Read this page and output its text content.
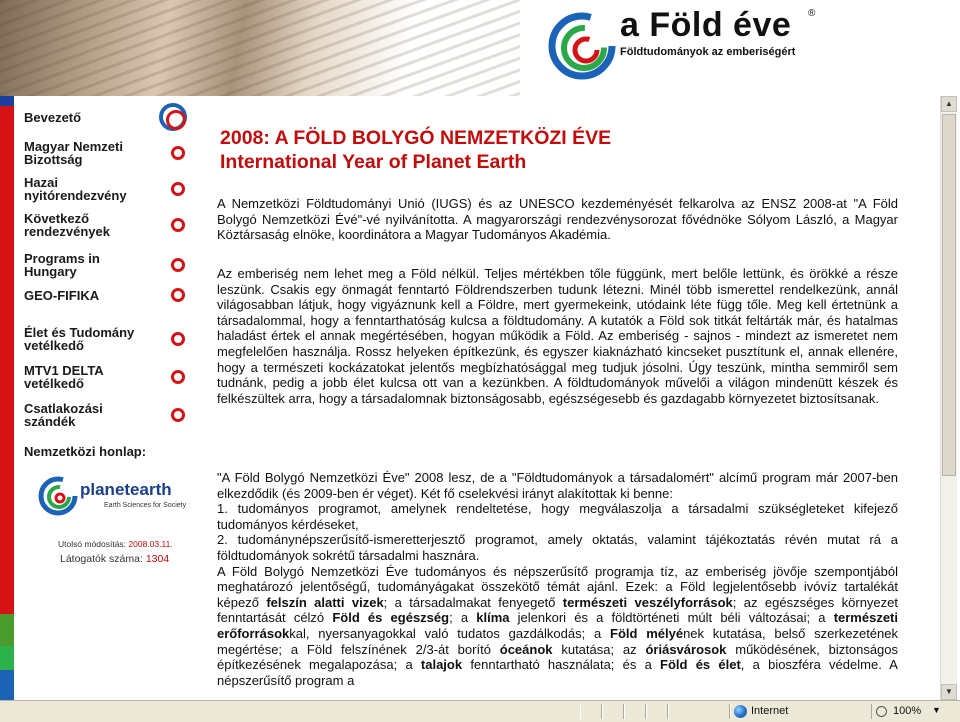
a Föld éve ®
Földtudományok az emberiségért
Bevezető
Magyar Nemzeti
Bizottság
Hazai
nyitórendezvény
Következő
rendezvények
Programs in
Hungary
GEO-FIFIKA
Élet és Tudomány
vetélkedő
MTV1 DELTA
vetélkedő
Csatlakozási
szándék
Nemzetközi honlap:
planetearth
Earth Sciences for Society
Utolsó módosítás: 2008.03.11.
Látogatók száma: 1304
2008: A FÖLD BOLYGÓ NEMZETKÖZI ÉVE
International Year of Planet Earth
A Nemzetközi Földtudományi Unió (IUGS) és az UNESCO kezdeményését felkarolva az ENSZ 2008-at "A Föld Bolygó Nemzetközi Évé"-vé nyilvánította. A magyarországi rendezvénysorozat fővédnöke Sólyom László, a Magyar Köztársaság elnöke, koordinátora a Magyar Tudományos Akadémia.
Az emberiség nem lehet meg a Föld nélkül. Teljes mértékben tőle függünk, mert belőle lettünk, és örökké a része leszünk. Csakis egy önmagát fenntartó Földrendszerben tudunk létezni. Minél több ismerettel rendelkezünk, annál világosabban látjuk, hogy vigyáznunk kell a Földre, mert gyermekeink, utódaink léte függ tőle. Meg kell értetnünk a társadalommal, hogy a fenntarthatóság kulcsa a földtudomány. A kutatók a Föld sok titkát feltárták már, és hatalmas haladást értek el annak megértésében, hogyan működik a Föld. Az emberiség - sajnos - mindezt az ismeretet nem megfelelően használja. Rossz helyeken építkezünk, és egyszer kiaknázható kincseket pusztítunk el, annak ellenére, hogy a természeti kockázatokat jelentős megbízhatósággal meg tudjuk jósolni. Úgy teszünk, mintha semmiről sem tudnánk, pedig a jobb élet kulcsa ott van a kezünkben. A földtudományok művelői a világon mindenütt készek és felkészültek arra, hogy a társadalomnak biztonságosabb, egészségesebb és gazdagabb környezetet biztosítsanak.
"A Föld Bolygó Nemzetközi Éve" 2008 lesz, de a "Földtudományok a társadalomért" alcímű program már 2007-ben elkezdődik (és 2009-ben ér véget). Két fő cselekvési irányt alakítottak ki benne:
1. tudományos programot, amelynek rendeltetése, hogy megválaszolja a társadalmi szükségleteket kifejező tudományos kérdéseket,
2. tudománynépszerűsítő-ismeretterjesztő programot, amely oktatás, valamint tájékoztatás révén mutat rá a földtudományok sokrétű társadalmi hasznára.
A Föld Bolygó Nemzetközi Éve tudományos és népszerűsítő programja tíz, az emberiség jövője szempontjából meghatározó jelentőségű, tudományágakat összekötő témát ajánl. Ezek: a Föld legjelentősebb ivóvíz tartalékát képező felszín alatti vizek; a társadalmakat fenyegető természeti veszélyforrások; az egészséges környezet fenntartását célzó Föld és egészség; a klíma jelenkori és a földtörténeti múlt béli változásai; a természeti erőforrásokkal, nyersanyagokkal való tudatos gazdálkodás; a Föld mélyének kutatása, belső szerkezetének megértése; a Föld felszínének 2/3-át borító óceánok kutatása; az óriásvárosok működésének, biztonságos építkezésének megalapozása; a talajok fenntartható használata; és a Föld és élet, a bioszféra védelme. A népszerűsítő program a
▲
▼
Internet	100% ▼
